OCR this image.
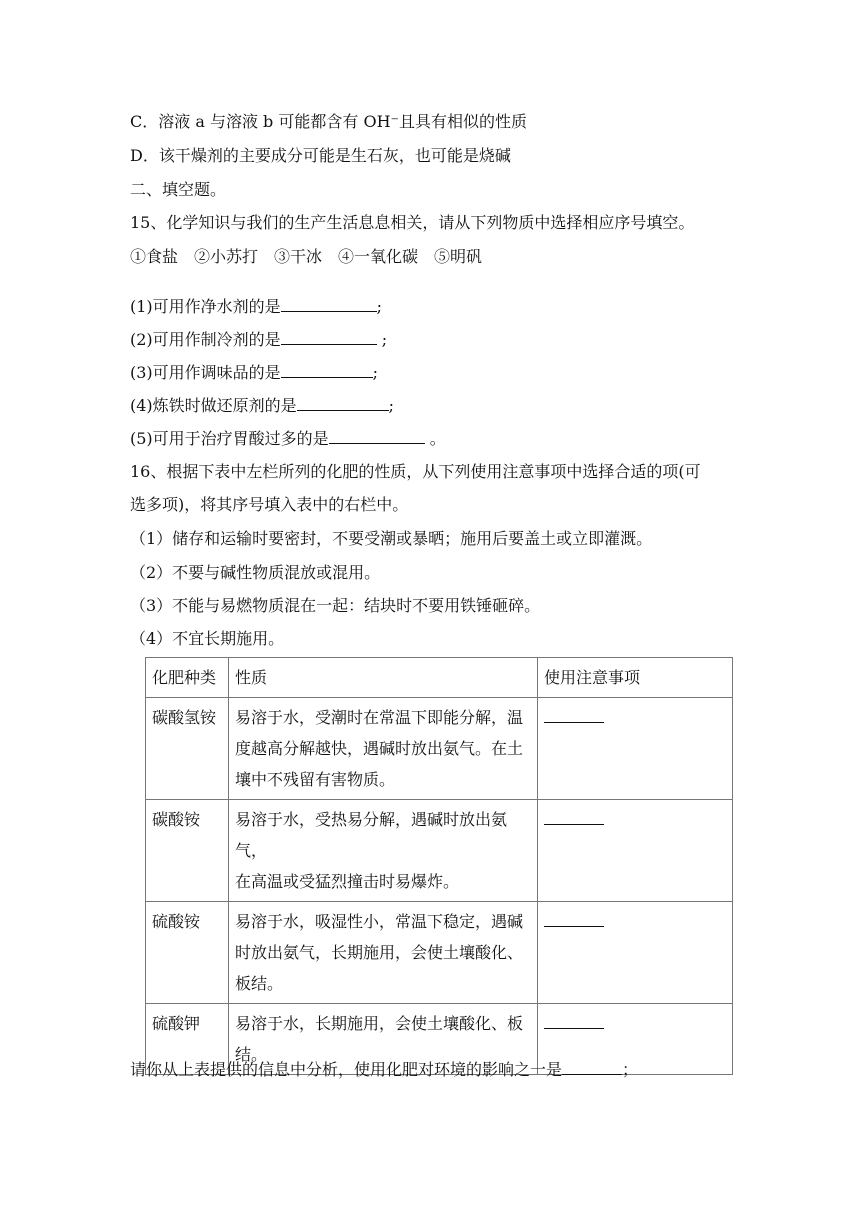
C．溶液 a 与溶液 b 可能都含有 OH⁻且具有相似的性质
D．该干燥剂的主要成分可能是生石灰，也可能是烧碱
二、填空题。
15、化学知识与我们的生产生活息息相关，请从下列物质中选择相应序号填空。
①食盐　②小苏打　③干冰　④一氧化碳　⑤明矾
(1)可用作净水剂的是	;
(2)可用作制冷剂的是	;
(3)可用作调味品的是	;
(4)炼铁时做还原剂的是	;
(5)可用于治疗胃酸过多的是	。
16、根据下表中左栏所列的化肥的性质，从下列使用注意事项中选择合适的项(可
选多项)，将其序号填入表中的右栏中。
（1）储存和运输时要密封，不要受潮或暴晒；施用后要盖土或立即灌溉。
（2）不要与碱性物质混放或混用。
（3）不能与易燃物质混在一起：结块时不要用铁锤砸碎。
（4）不宜长期施用。
化肥种类	性质	使用注意事项
碳酸氢铵	易溶于水，受潮时在常温下即能分解，温
度越高分解越快，遇碱时放出氨气。在土
壤中不残留有害物质。	

碳酸铵	易溶于水，受热易分解，遇碱时放出氨气，
在高温或受猛烈撞击时易爆炸。	

硫酸铵	易溶于水，吸湿性小，常温下稳定，遇碱
时放出氨气，长期施用，会使土壤酸化、
板结。	

硫酸钾	易溶于水，长期施用，会使土壤酸化、板
结。	

请你从上表提供的信息中分析，使用化肥对环境的影响之一是	；
